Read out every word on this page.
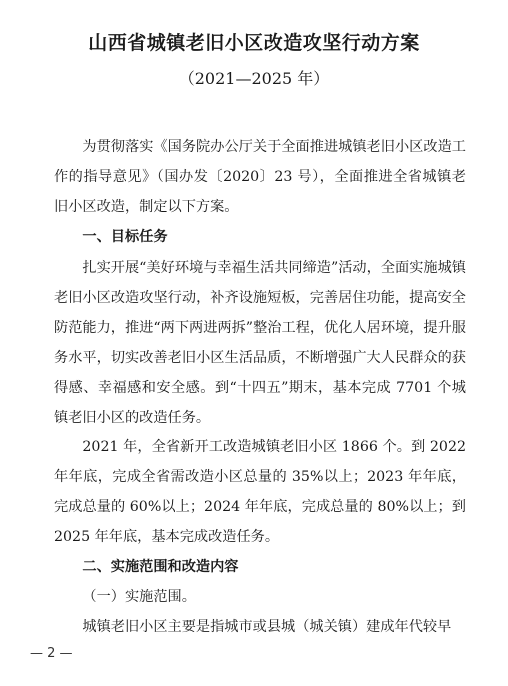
山西省城镇老旧小区改造攻坚行动方案
（2021—2025 年）
为贯彻落实《国务院办公厅关于全面推进城镇老旧小区改造工作的指导意见》（国办发〔2020〕23 号），全面推进全省城镇老旧小区改造，制定以下方案。
一、目标任务
扎实开展“美好环境与幸福生活共同缔造”活动，全面实施城镇老旧小区改造攻坚行动，补齐设施短板，完善居住功能，提高安全防范能力，推进“两下两进两拆”整治工程，优化人居环境，提升服务水平，切实改善老旧小区生活品质，不断增强广大人民群众的获得感、幸福感和安全感。到“十四五”期末，基本完成 7701 个城镇老旧小区的改造任务。
2021 年，全省新开工改造城镇老旧小区 1866 个。到 2022 年年底，完成全省需改造小区总量的 35%以上；2023 年年底，完成总量的 60%以上；2024 年年底，完成总量的 80%以上；到 2025 年年底，基本完成改造任务。
二、实施范围和改造内容
（一）实施范围。
城镇老旧小区主要是指城市或县城（城关镇）建成年代较早
— 2 —
